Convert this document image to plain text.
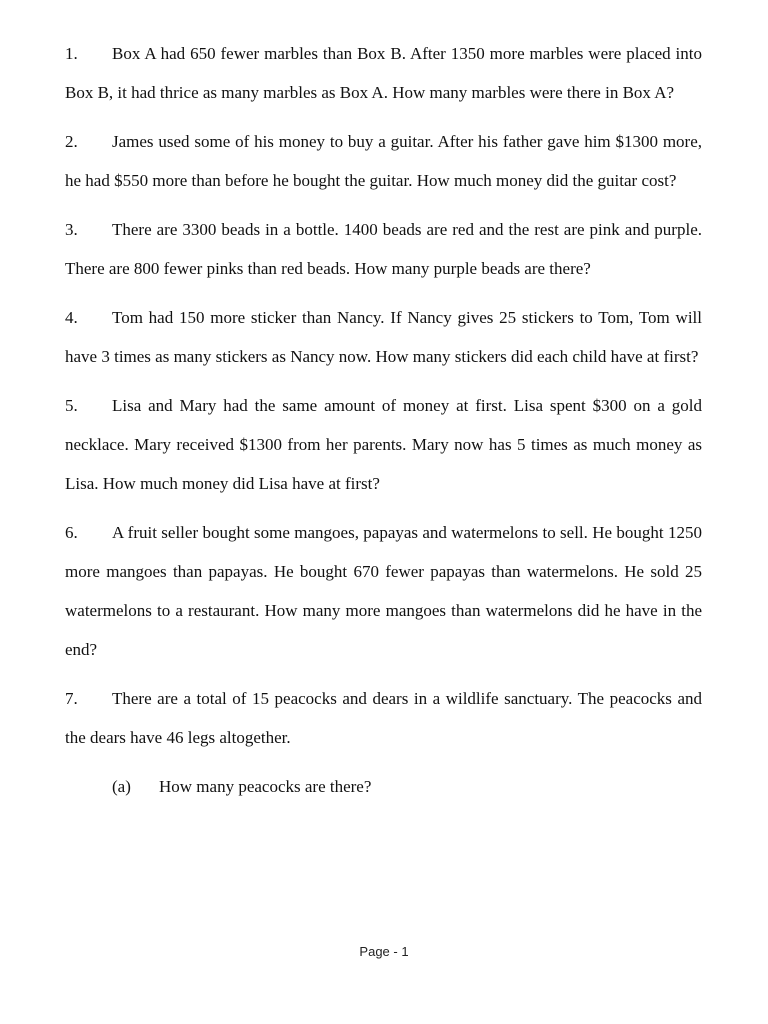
1. Box A had 650 fewer marbles than Box B. After 1350 more marbles were placed into Box B, it had thrice as many marbles as Box A. How many marbles were there in Box A?

2. James used some of his money to buy a guitar. After his father gave him $1300 more, he had $550 more than before he bought the guitar. How much money did the guitar cost?

3. There are 3300 beads in a bottle. 1400 beads are red and the rest are pink and purple. There are 800 fewer pinks than red beads. How many purple beads are there?

4. Tom had 150 more sticker than Nancy. If Nancy gives 25 stickers to Tom, Tom will have 3 times as many stickers as Nancy now. How many stickers did each child have at first?

5. Lisa and Mary had the same amount of money at first. Lisa spent $300 on a gold necklace. Mary received $1300 from her parents. Mary now has 5 times as much money as Lisa. How much money did Lisa have at first?

6. A fruit seller bought some mangoes, papayas and watermelons to sell. He bought 1250 more mangoes than papayas. He bought 670 fewer papayas than watermelons. He sold 25 watermelons to a restaurant. How many more mangoes than watermelons did he have in the end?

7. There are a total of 15 peacocks and dears in a wildlife sanctuary. The peacocks and the dears have 46 legs altogether.

(a) How many peacocks are there?

Page - 1
